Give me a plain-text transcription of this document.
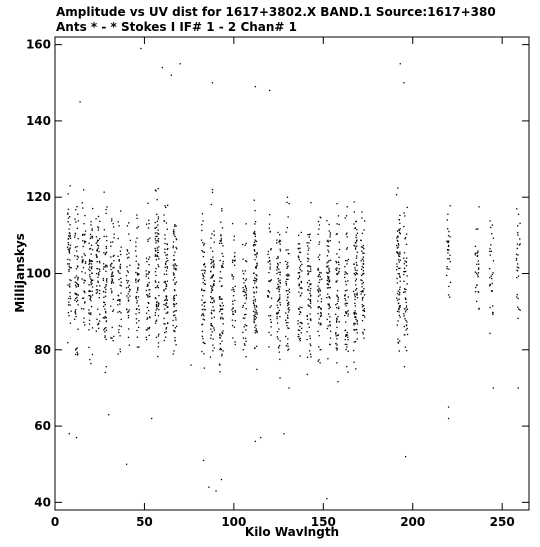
Amplitude vs UV dist for 1617+3802.X BAND.1 Source:1617+380
Ants * - * Stokes I IF# 1 - 2 Chan# 1
0	50	100	150	200	250
40
60
80
100
120
140
160
Kilo Wavlngth
MilliJanskys
